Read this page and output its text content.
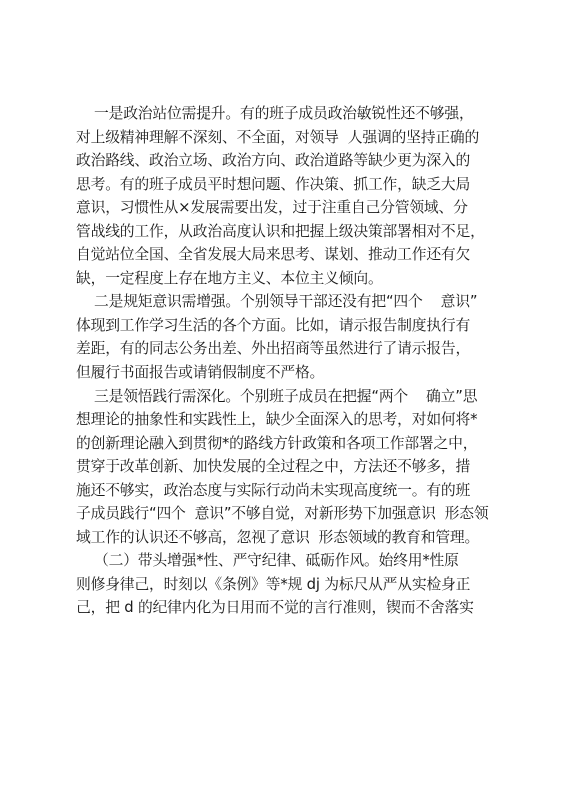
一是政治站位需提升。有的班子成员政治敏锐性还不够强，
对上级精神理解不深刻、不全面，对领导  人强调的坚持正确的
政治路线、政治立场、政治方向、政治道路等缺少更为深入的
思考。有的班子成员平时想问题、作决策、抓工作，缺乏大局
意识，习惯性从×发展需要出发，过于注重自己分管领域、分
管战线的工作，从政治高度认识和把握上级决策部署相对不足，
自觉站位全国、全省发展大局来思考、谋划、推动工作还有欠
缺，一定程度上存在地方主义、本位主义倾向。
二是规矩意识需增强。个别领导干部还没有把“四个    意识”
体现到工作学习生活的各个方面。比如，请示报告制度执行有
差距，有的同志公务出差、外出招商等虽然进行了请示报告，
但履行书面报告或请销假制度不严格。
三是领悟践行需深化。个别班子成员在把握“两个    确立”思
想理论的抽象性和实践性上，缺少全面深入的思考，对如何将*
的创新理论融入到贯彻*的路线方针政策和各项工作部署之中，
贯穿于改革创新、加快发展的全过程之中，方法还不够多，措
施还不够实，政治态度与实际行动尚未实现高度统一。有的班
子成员践行“四个  意识”不够自觉，对新形势下加强意识  形态领
域工作的认识还不够高，忽视了意识  形态领域的教育和管理。
（二）带头增强*性、严守纪律、砥砺作风。始终用*性原
则修身律己，时刻以《条例》等*规 dj 为标尺从严从实检身正
己，把 d 的纪律内化为日用而不觉的言行准则，锲而不舍落实
